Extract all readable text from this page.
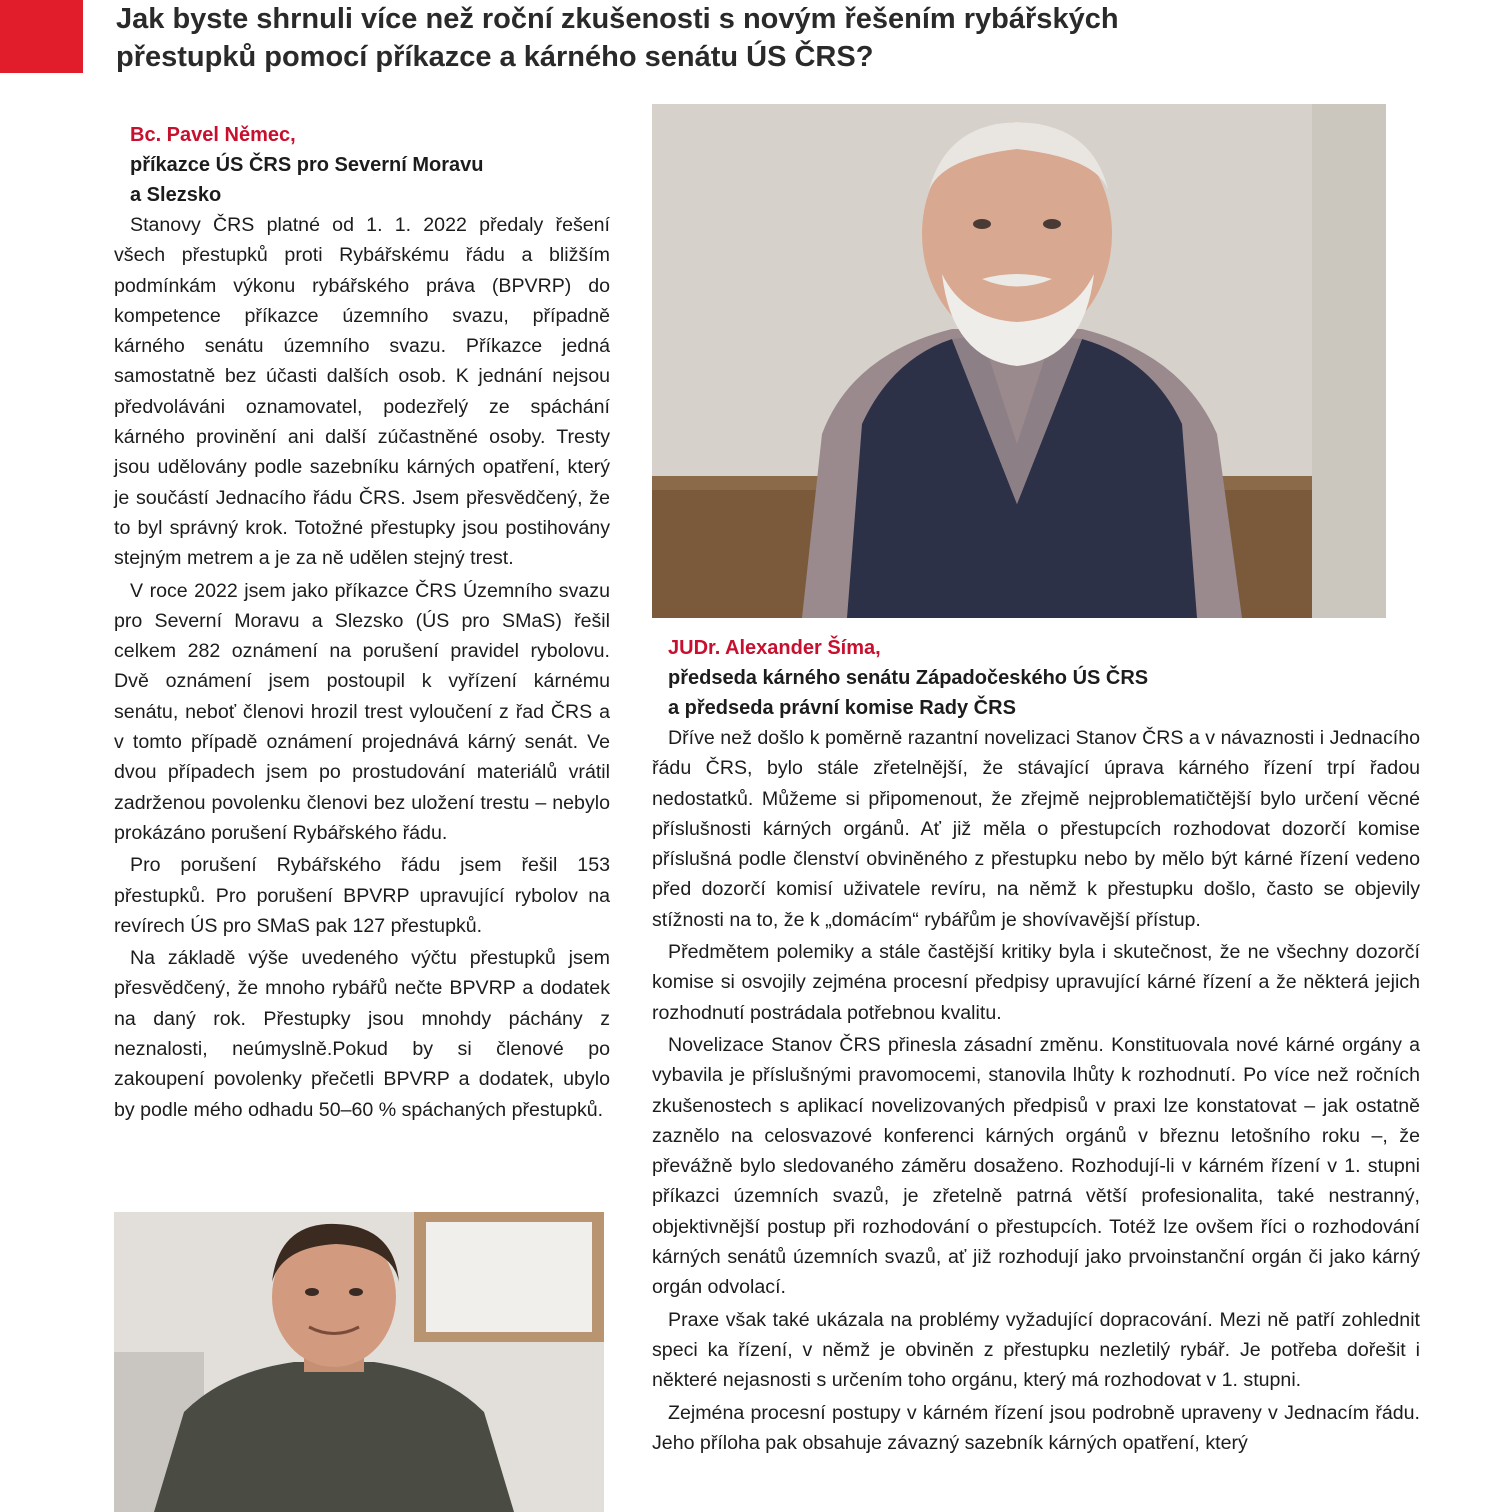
Jak byste shrnuli více než roční zkušenosti s novým řešením rybářských
přestupků pomocí příkazce a kárného senátu ÚS ČRS?
Bc. Pavel Němec,
příkazce ÚS ČRS pro Severní Moravu
a Slezsko

Stanovy ČRS platné od 1. 1. 2022 předaly řešení všech přestupků proti Rybářskému řádu a bližším podmínkám výkonu rybářského práva (BPVRP) do kompetence příkazce územního svazu, případně kárného senátu územního svazu. Příkazce jedná samostatně bez účasti dalších osob. K jednání nejsou předvoláváni oznamovatel, podezřelý ze spáchání kárného provinění ani další zúčastněné osoby. Tresty jsou udělovány podle sazebníku kárných opatření, který je součástí Jednacího řádu ČRS. Jsem přesvědčený, že to byl správný krok. Totožné přestupky jsou postihovány stejným metrem a je za ně udělen stejný trest.

V roce 2022 jsem jako příkazce ČRS Územního svazu pro Severní Moravu a Slezsko (ÚS pro SMaS) řešil celkem 282 oznámení na porušení pravidel rybolovu. Dvě oznámení jsem postoupil k vyřízení kárnému senátu, neboť členovi hrozil trest vyloučení z řad ČRS a v tomto případě oznámení projednává kárný senát. Ve dvou případech jsem po prostudování materiálů vrátil zadrženou povolenku členovi bez uložení trestu – nebylo prokázáno porušení Rybářského řádu.

Pro porušení Rybářského řádu jsem řešil 153 přestupků. Pro porušení BPVRP upravující rybolov na revírech ÚS pro SMaS pak 127 přestupků.

Na základě výše uvedeného výčtu přestupků jsem přesvědčený, že mnoho rybářů nečte BPVRP a dodatek na daný rok. Přestupky jsou mnohdy páchány z neznalosti, neúmyslně.Pokud by si členové po zakoupení povolenky přečetli BPVRP a dodatek, ubylo by podle mého odhadu 50–60 % spáchaných přestupků.

JUDr. Alexander Šíma,
předseda kárného senátu Západočeského ÚS ČRS
a předseda právní komise Rady ČRS

Dříve než došlo k poměrně razantní novelizaci Stanov ČRS a v návaznosti i Jednacího řádu ČRS, bylo stále zřetelnější, že stávající úprava kárného řízení trpí řadou nedostatků. Můžeme si připomenout, že zřejmě nejproblematičtější bylo určení věcné příslušnosti kárných orgánů. Ať již měla o přestupcích rozhodovat dozorčí komise příslušná podle členství obviněného z přestupku nebo by mělo být kárné řízení vedeno před dozorčí komisí uživatele revíru, na němž k přestupku došlo, často se objevily stížnosti na to, že k „domácím“ rybářům je shovívavější přístup.

Předmětem polemiky a stále častější kritiky byla i skutečnost, že ne všechny dozorčí komise si osvojily zejména procesní předpisy upravující kárné řízení a že některá jejich rozhodnutí postrádala potřebnou kvalitu.

Novelizace Stanov ČRS přinesla zásadní změnu. Konstituovala nové kárné orgány a vybavila je příslušnými pravomocemi, stanovila lhůty k rozhodnutí. Po více než ročních zkušenostech s aplikací novelizovaných předpisů v praxi lze konstatovat – jak ostatně zaznělo na celosvazové konferenci kárných orgánů v březnu letošního roku –, že převážně bylo sledovaného záměru dosaženo. Rozhodují-li v kárném řízení v 1. stupni příkazci územních svazů, je zřetelně patrná větší profesionalita, také nestranný, objektivnější postup při rozhodování o přestupcích. Totéž lze ovšem říci o rozhodování kárných senátů územních svazů, ať již rozhodují jako prvoinstanční orgán či jako kárný orgán odvolací.

Praxe však také ukázala na problémy vyžadující dopracování. Mezi ně patří zohlednit speci ka řízení, v němž je obviněn z přestupku nezletilý rybář. Je potřeba dořešit i některé nejasnosti s určením toho orgánu, který má rozhodovat v 1. stupni.

Zejména procesní postupy v kárném řízení jsou podrobně upraveny v Jednacím řádu. Jeho příloha pak obsahuje závazný sazebník kárných opatření, který
